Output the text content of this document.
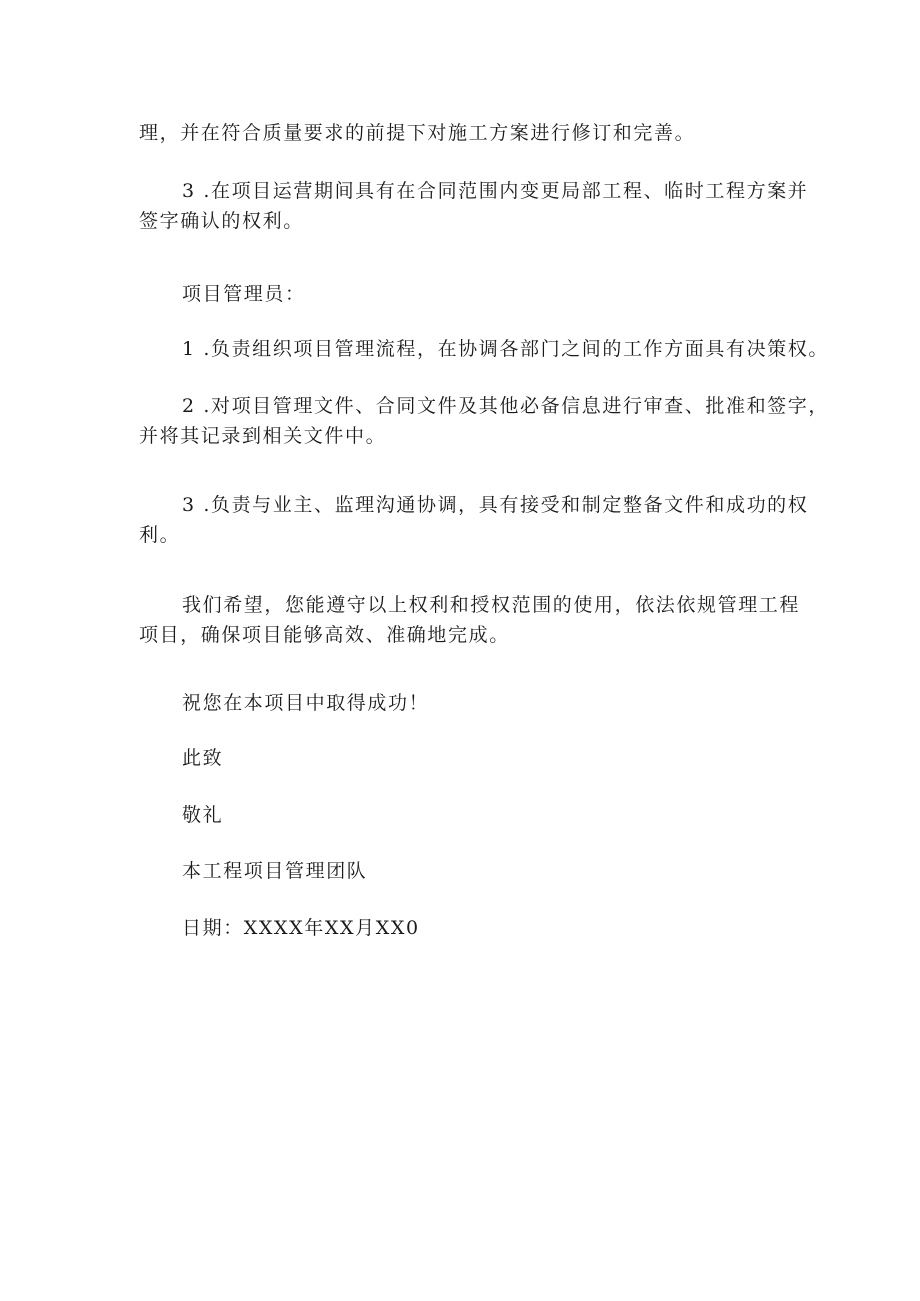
理，并在符合质量要求的前提下对施工方案进行修订和完善。

3 .在项目运营期间具有在合同范围内变更局部工程、临时工程方案并
签字确认的权利。

项目管理员：

1 .负责组织项目管理流程，在协调各部门之间的工作方面具有决策权。

2 .对项目管理文件、合同文件及其他必备信息进行审查、批准和签字，
并将其记录到相关文件中。

3 .负责与业主、监理沟通协调，具有接受和制定整备文件和成功的权
利。

我们希望，您能遵守以上权利和授权范围的使用，依法依规管理工程
项目，确保项目能够高效、准确地完成。

祝您在本项目中取得成功！

此致

敬礼

本工程项目管理团队

日期：XXXX年XX月XX0
